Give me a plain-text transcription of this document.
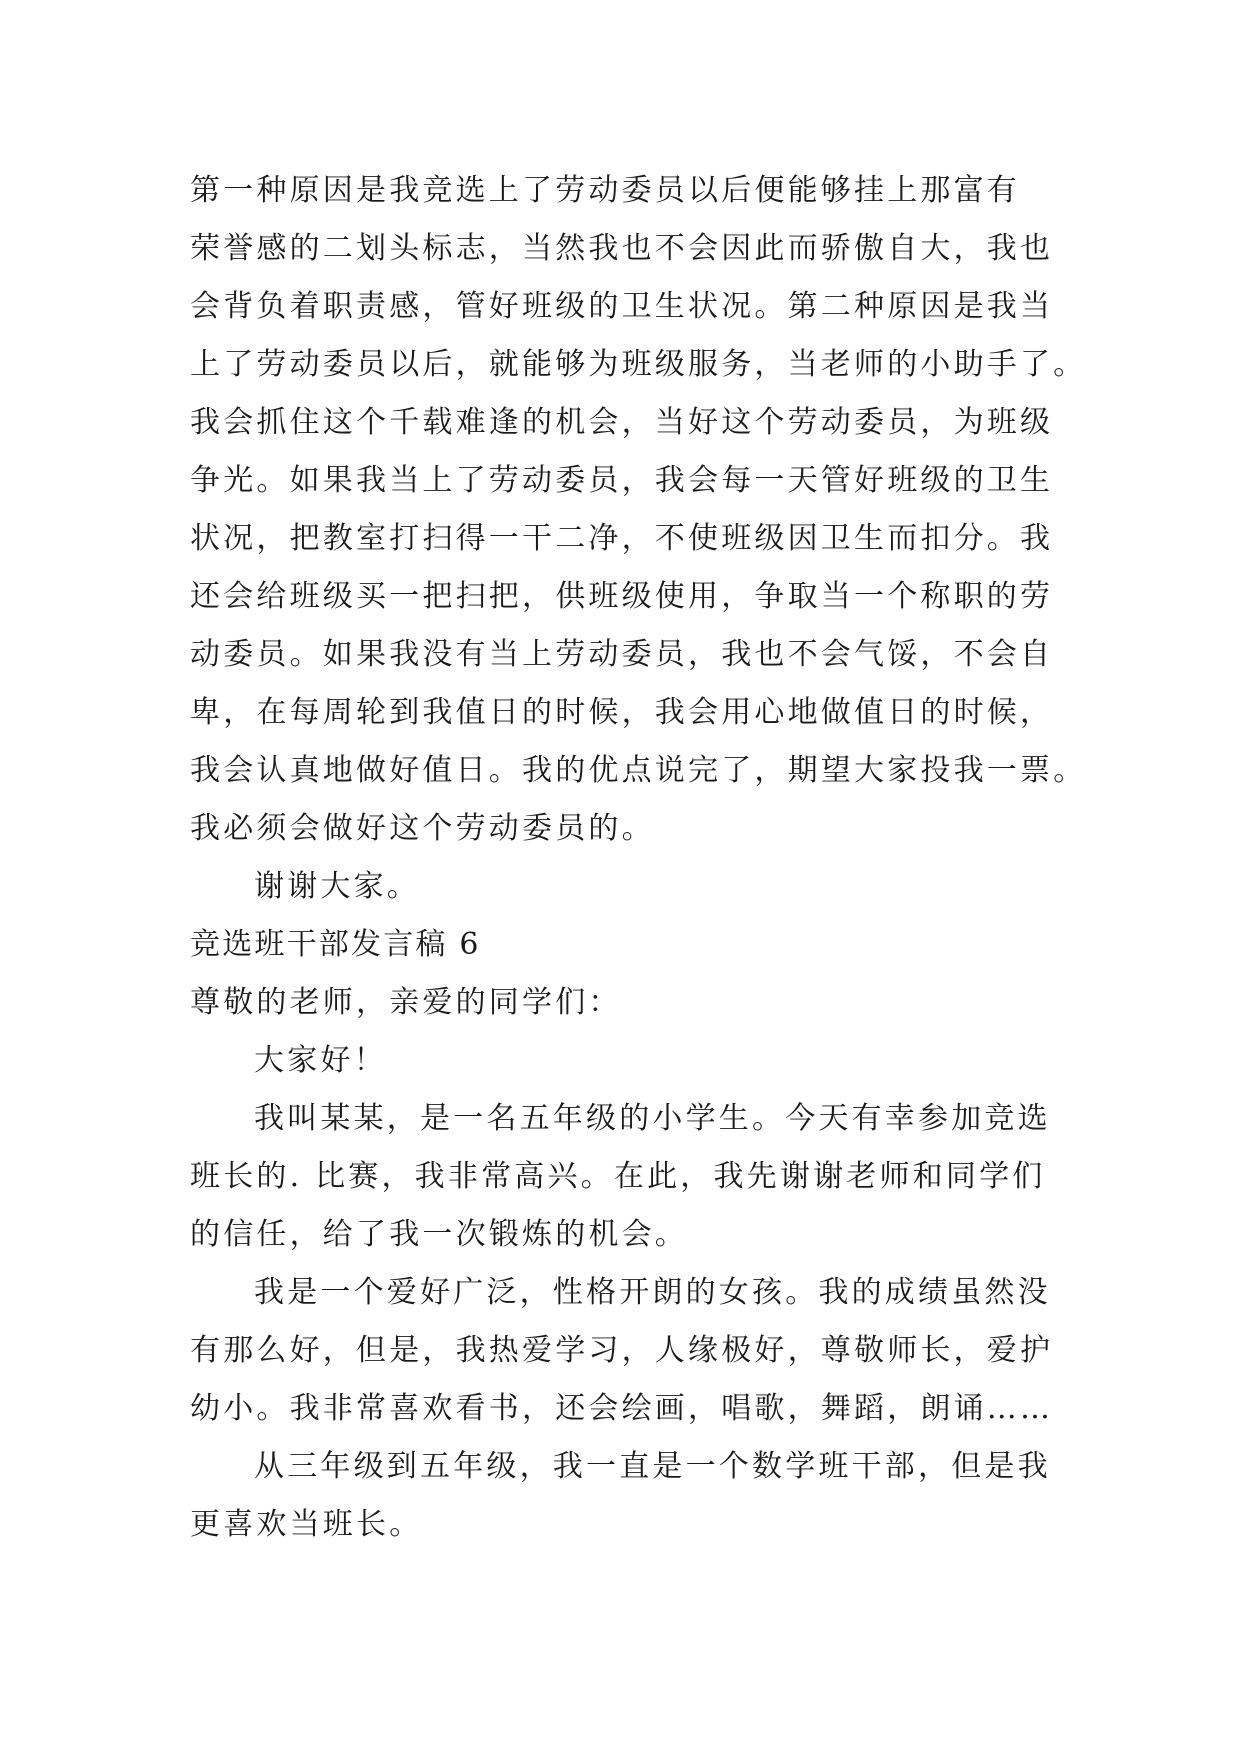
第一种原因是我竞选上了劳动委员以后便能够挂上那富有
荣誉感的二划头标志，当然我也不会因此而骄傲自大，我也
会背负着职责感，管好班级的卫生状况。第二种原因是我当
上了劳动委员以后，就能够为班级服务，当老师的小助手了。
我会抓住这个千载难逢的机会，当好这个劳动委员，为班级
争光。如果我当上了劳动委员，我会每一天管好班级的卫生
状况，把教室打扫得一干二净，不使班级因卫生而扣分。我
还会给班级买一把扫把，供班级使用，争取当一个称职的劳
动委员。如果我没有当上劳动委员，我也不会气馁，不会自
卑，在每周轮到我值日的时候，我会用心地做值日的时候，
我会认真地做好值日。我的优点说完了，期望大家投我一票。
我必须会做好这个劳动委员的。
谢谢大家。
竞选班干部发言稿 6
尊敬的老师，亲爱的同学们：
大家好！
我叫某某，是一名五年级的小学生。今天有幸参加竞选
班长的. 比赛，我非常高兴。在此，我先谢谢老师和同学们
的信任，给了我一次锻炼的机会。
我是一个爱好广泛，性格开朗的女孩。我的成绩虽然没
有那么好，但是，我热爱学习，人缘极好，尊敬师长，爱护
幼小。我非常喜欢看书，还会绘画，唱歌，舞蹈，朗诵……
从三年级到五年级，我一直是一个数学班干部，但是我
更喜欢当班长。
